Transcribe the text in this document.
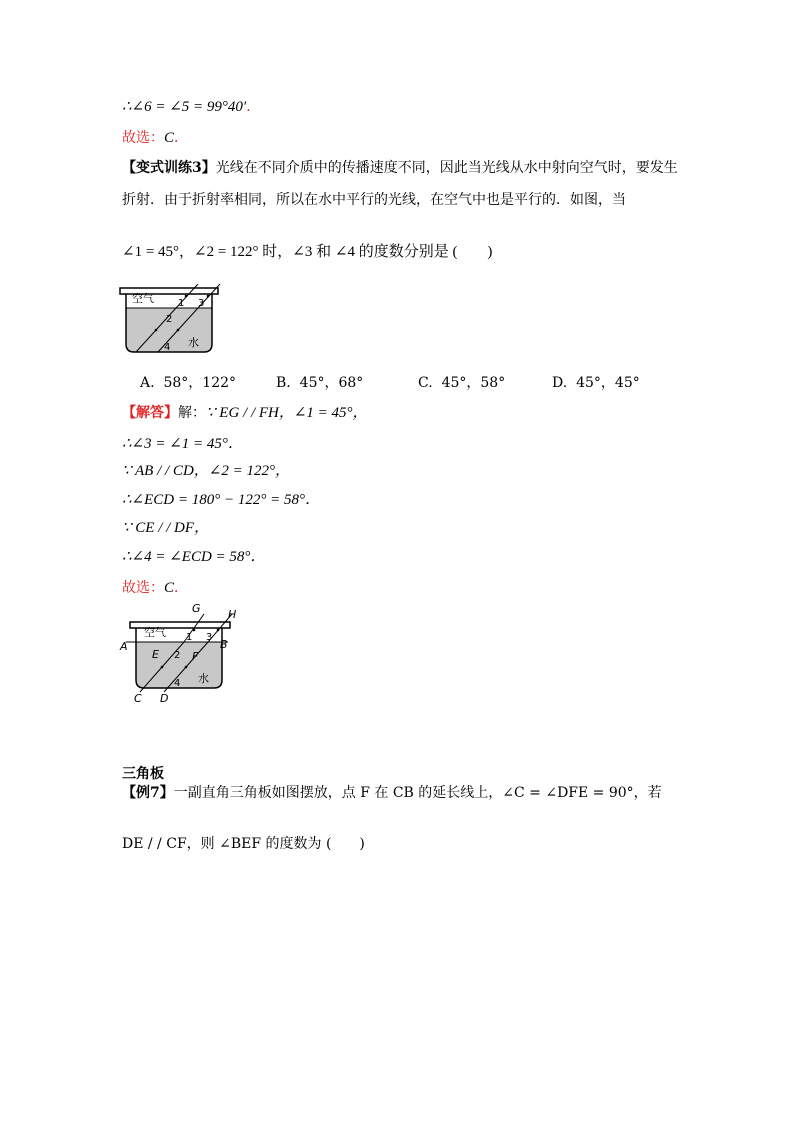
∴∠6 = ∠5 = 99°40′．
故选：C．
【变式训练3】光线在不同介质中的传播速度不同，因此当光线从水中射向空气时，要发生
折射．由于折射率相同，所以在水中平行的光线，在空气中也是平行的．如图，当
∠1 = 45°，∠2 = 122° 时，∠3 和 ∠4 的度数分别是 (　　)
空气
水
1
2
3
4
A. 58°，122°	B. 45°，68°	C. 45°，58°	D. 45°，45°
【解答】解：∵ EG / / FH，∠1 = 45°，
∴∠3 = ∠1 = 45°．
∵ AB / / CD，∠2 = 122°，
∴∠ECD = 180° − 122° = 58°．
∵ CE / / DF，
∴∠4 = ∠ECD = 58°．
故选：C．
空气
水
1
2
3
4
A	B
C D
E	F
G H
三角板
【例7】一副直角三角板如图摆放，点 F 在 CB 的延长线上，∠C = ∠DFE = 90°，若
DE / / CF，则 ∠BEF 的度数为 (　　)
